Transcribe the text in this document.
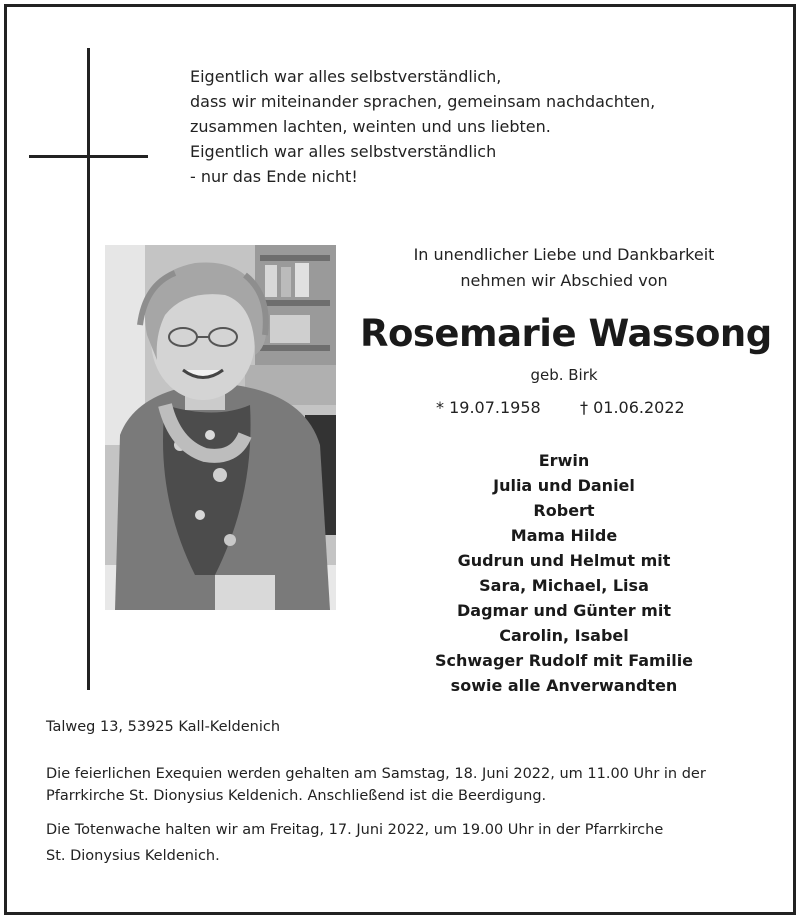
Eigentlich war alles selbstverständlich,
dass wir miteinander sprachen, gemeinsam nachdachten,
zusammen lachten, weinten und uns liebten.
Eigentlich war alles selbstverständlich
- nur das Ende nicht!
In unendlicher Liebe und Dankbarkeit
nehmen wir Abschied von
Rosemarie Wassong
geb. Birk
* 19.07.1958 † 01.06.2022
Erwin
Julia und Daniel
Robert
Mama Hilde
Gudrun und Helmut mit
Sara, Michael, Lisa
Dagmar und Günter mit
Carolin, Isabel
Schwager Rudolf mit Familie
sowie alle Anverwandten
Talweg 13, 53925 Kall-Keldenich
Die feierlichen Exequien werden gehalten am Samstag, 18. Juni 2022, um 11.00 Uhr in der
Pfarrkirche St. Dionysius Keldenich. Anschließend ist die Beerdigung.
Die Totenwache halten wir am Freitag, 17. Juni 2022, um 19.00 Uhr in der Pfarrkirche
St. Dionysius Keldenich.
